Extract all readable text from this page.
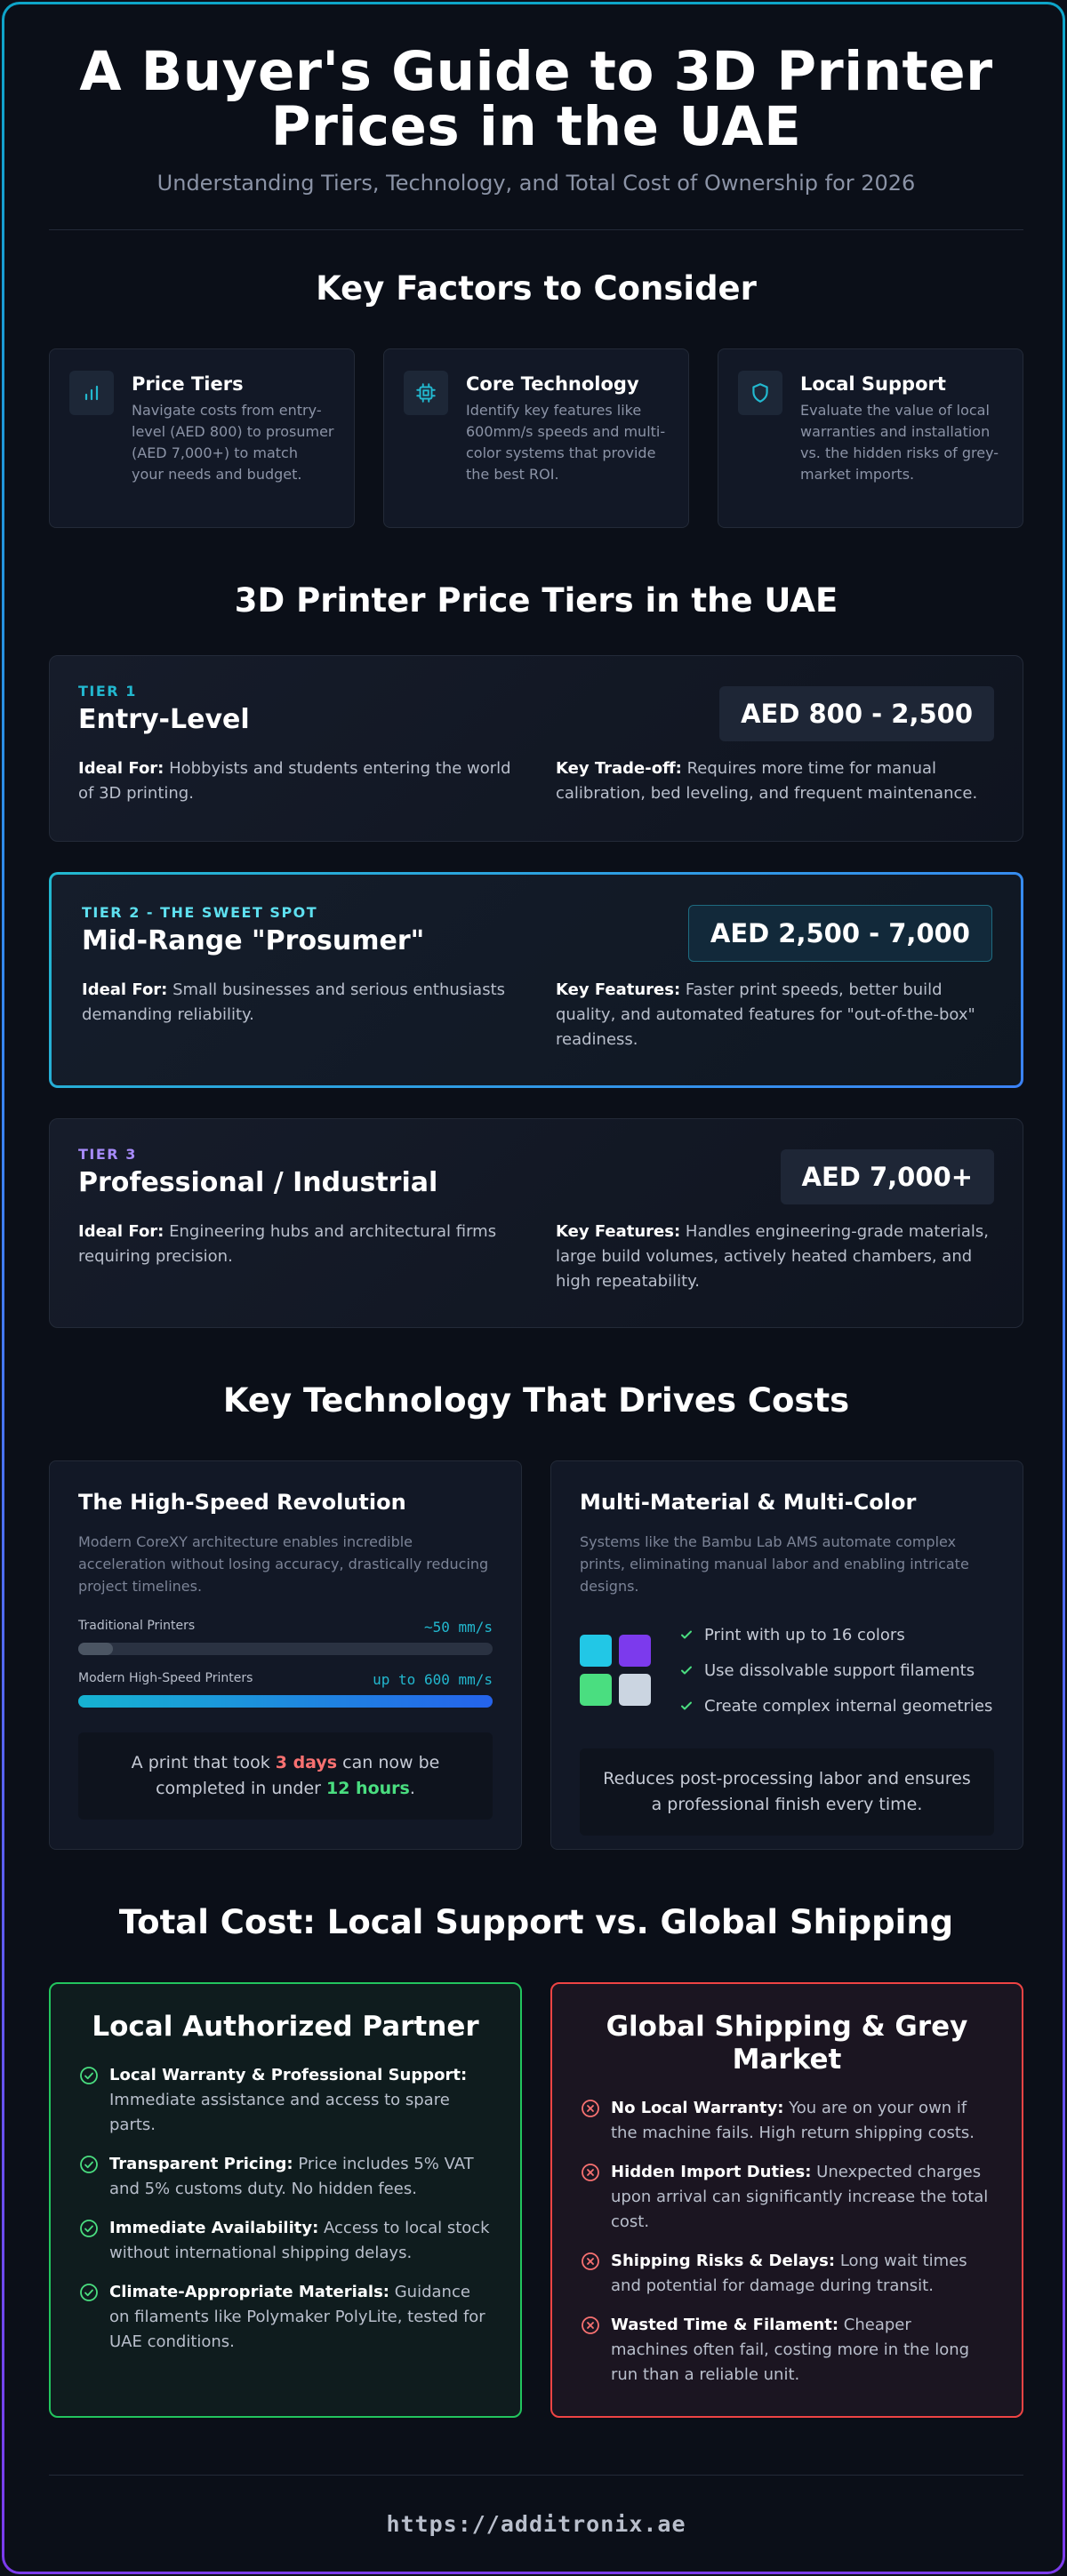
A Buyer's Guide to 3D Printer Prices in the UAE

Understanding Tiers, Technology, and Total Cost of Ownership for 2026

Key Factors to Consider
Price Tiers

Navigate costs from entry-level (AED 800) to prosumer (AED 7,000+) to match your needs and budget.

Core Technology

Identify key features like 600mm/s speeds and multi-color systems that provide the best ROI.

Local Support

Evaluate the value of local warranties and installation vs. the hidden risks of grey-market imports.

3D Printer Price Tiers in the UAE
TIER 1
Entry-Level	AED 800 - 2,500

Ideal For: Hobbyists and students entering the world of 3D printing.

Key Trade-off: Requires more time for manual calibration, bed leveling, and frequent maintenance.

TIER 2 - THE SWEET SPOT
Mid-Range "Prosumer"	AED 2,500 - 7,000

Ideal For: Small businesses and serious enthusiasts demanding reliability.

Key Features: Faster print speeds, better build quality, and automated features for "out-of-the-box" readiness.

TIER 3
Professional / Industrial	AED 7,000+

Ideal For: Engineering hubs and architectural firms requiring precision.

Key Features: Handles engineering-grade materials, large build volumes, actively heated chambers, and high repeatability.

Key Technology That Drives Costs
The High-Speed Revolution

Modern CoreXY architecture enables incredible acceleration without losing accuracy, drastically reducing project timelines.

Traditional Printers	~50 mm/s
Modern High-Speed Printers	up to 600 mm/s
A print that took 3 days can now be completed in under 12 hours.
Multi-Material & Multi-Color

Systems like the Bambu Lab AMS automate complex prints, eliminating manual labor and enabling intricate designs.

Print with up to 16 colors
Use dissolvable support filaments
Create complex internal geometries
Reduces post-processing labor and ensures a professional finish every time.
Total Cost: Local Support vs. Global Shipping
Local Authorized Partner
Local Warranty & Professional Support: Immediate assistance and access to spare parts.
Transparent Pricing: Price includes 5% VAT and 5% customs duty. No hidden fees.
Immediate Availability: Access to local stock without international shipping delays.
Climate-Appropriate Materials: Guidance on filaments like Polymaker PolyLite, tested for UAE conditions.
Global Shipping & Grey Market
No Local Warranty: You are on your own if the machine fails. High return shipping costs.
Hidden Import Duties: Unexpected charges upon arrival can significantly increase the total cost.
Shipping Risks & Delays: Long wait times and potential for damage during transit.
Wasted Time & Filament: Cheaper machines often fail, costing more in the long run than a reliable unit.
https://additronix.ae
